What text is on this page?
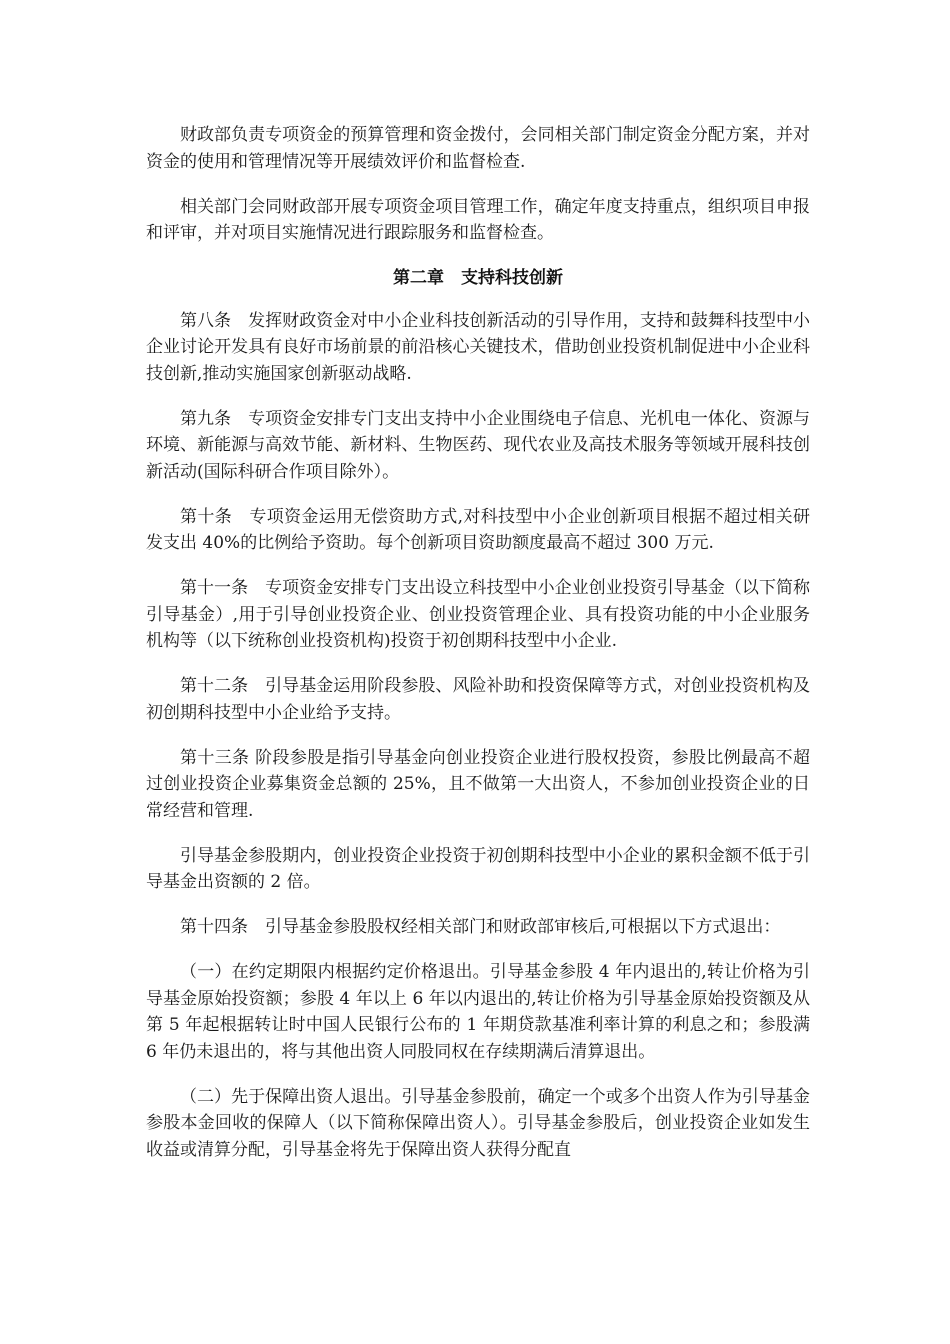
财政部负责专项资金的预算管理和资金拨付，会同相关部门制定资金分配方案，并对资金的使用和管理情况等开展绩效评价和监督检查.

相关部门会同财政部开展专项资金项目管理工作，确定年度支持重点，组织项目申报和评审，并对项目实施情况进行跟踪服务和监督检查。

第二章　支持科技创新

第八条　发挥财政资金对中小企业科技创新活动的引导作用，支持和鼓舞科技型中小企业讨论开发具有良好市场前景的前沿核心关键技术，借助创业投资机制促进中小企业科技创新,推动实施国家创新驱动战略.

第九条　专项资金安排专门支出支持中小企业围绕电子信息、光机电一体化、资源与环境、新能源与高效节能、新材料、生物医药、现代农业及高技术服务等领域开展科技创新活动(国际科研合作项目除外）。

第十条　专项资金运用无偿资助方式,对科技型中小企业创新项目根据不超过相关研发支出 40%的比例给予资助。每个创新项目资助额度最高不超过 300 万元.

第十一条　专项资金安排专门支出设立科技型中小企业创业投资引导基金（以下简称引导基金）,用于引导创业投资企业、创业投资管理企业、具有投资功能的中小企业服务机构等（以下统称创业投资机构)投资于初创期科技型中小企业.

第十二条　引导基金运用阶段参股、风险补助和投资保障等方式，对创业投资机构及初创期科技型中小企业给予支持。

第十三条 阶段参股是指引导基金向创业投资企业进行股权投资，参股比例最高不超过创业投资企业募集资金总额的 25%，且不做第一大出资人，不参加创业投资企业的日常经营和管理.

引导基金参股期内，创业投资企业投资于初创期科技型中小企业的累积金额不低于引导基金出资额的 2 倍。

第十四条　引导基金参股股权经相关部门和财政部审核后,可根据以下方式退出：

（一）在约定期限内根据约定价格退出。引导基金参股 4 年内退出的,转让价格为引导基金原始投资额；参股 4 年以上 6 年以内退出的,转让价格为引导基金原始投资额及从第 5 年起根据转让时中国人民银行公布的 1 年期贷款基准利率计算的利息之和；参股满 6 年仍未退出的，将与其他出资人同股同权在存续期满后清算退出。

（二）先于保障出资人退出。引导基金参股前，确定一个或多个出资人作为引导基金参股本金回收的保障人（以下简称保障出资人）。引导基金参股后，创业投资企业如发生收益或清算分配，引导基金将先于保障出资人获得分配直
